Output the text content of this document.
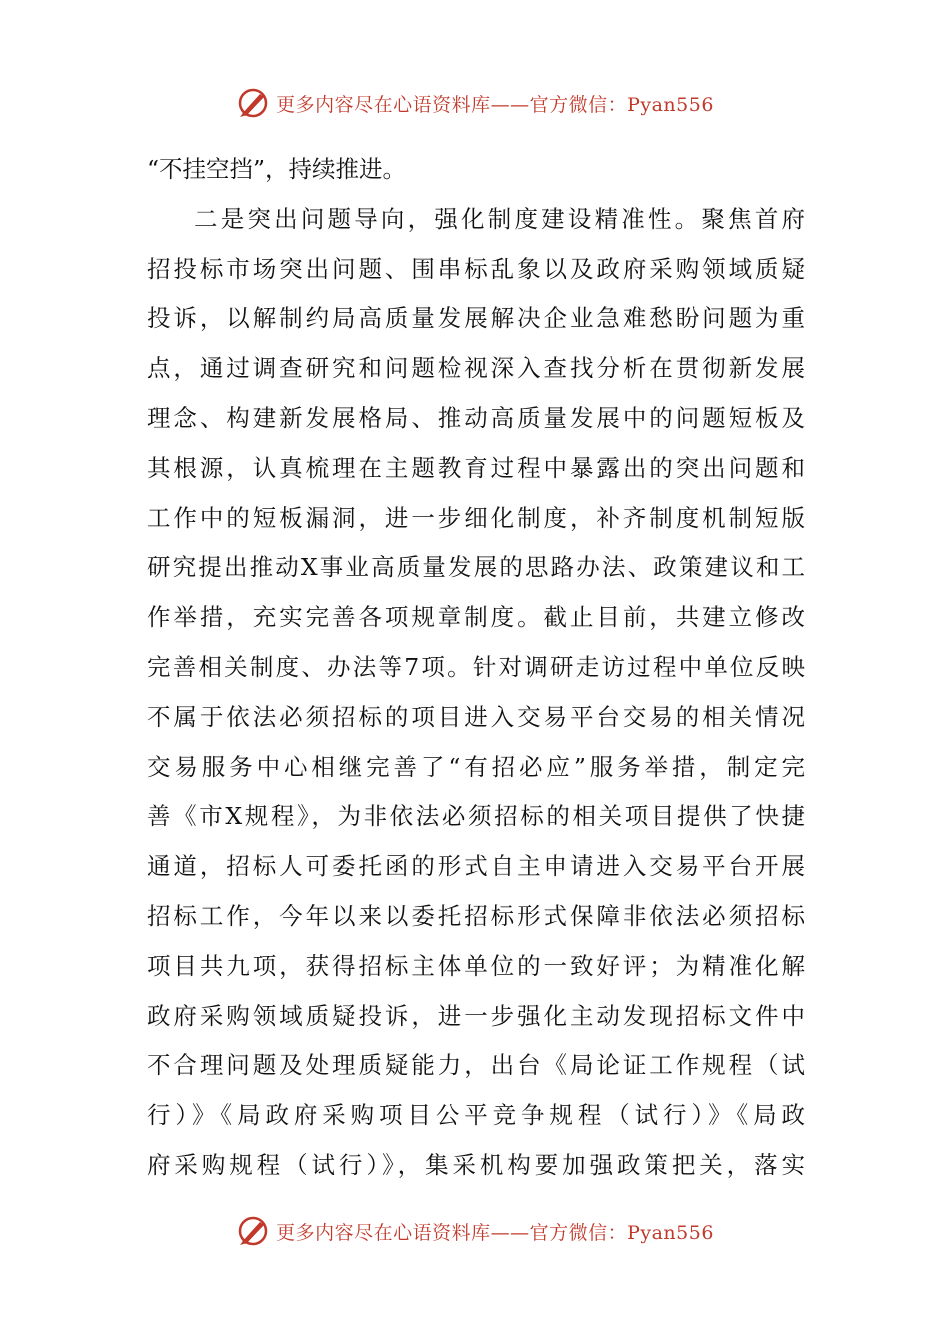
更多内容尽在心语资料库——官方微信：Pyan556
“不挂空挡”，持续推进。
二是突出问题导向，强化制度建设精准性。聚焦首府
招投标市场突出问题、围串标乱象以及政府采购领域质疑
投诉，以解制约局高质量发展解决企业急难愁盼问题为重
点，通过调查研究和问题检视深入查找分析在贯彻新发展
理念、构建新发展格局、推动高质量发展中的问题短板及
其根源，认真梳理在主题教育过程中暴露出的突出问题和
工作中的短板漏洞，进一步细化制度，补齐制度机制短版
研究提出推动X事业高质量发展的思路办法、政策建议和工
作举措，充实完善各项规章制度。截止目前，共建立修改
完善相关制度、办法等7项。针对调研走访过程中单位反映
不属于依法必须招标的项目进入交易平台交易的相关情况
交易服务中心相继完善了“有招必应”服务举措，制定完
善《市X规程》，为非依法必须招标的相关项目提供了快捷
通道，招标人可委托函的形式自主申请进入交易平台开展
招标工作，今年以来以委托招标形式保障非依法必须招标
项目共九项，获得招标主体单位的一致好评；为精准化解
政府采购领域质疑投诉，进一步强化主动发现招标文件中
不合理问题及处理质疑能力，出台《局论证工作规程（试
行）》《局政府采购项目公平竞争规程（试行）》《局政
府采购规程（试行）》，集采机构要加强政策把关，落实
更多内容尽在心语资料库——官方微信：Pyan556
